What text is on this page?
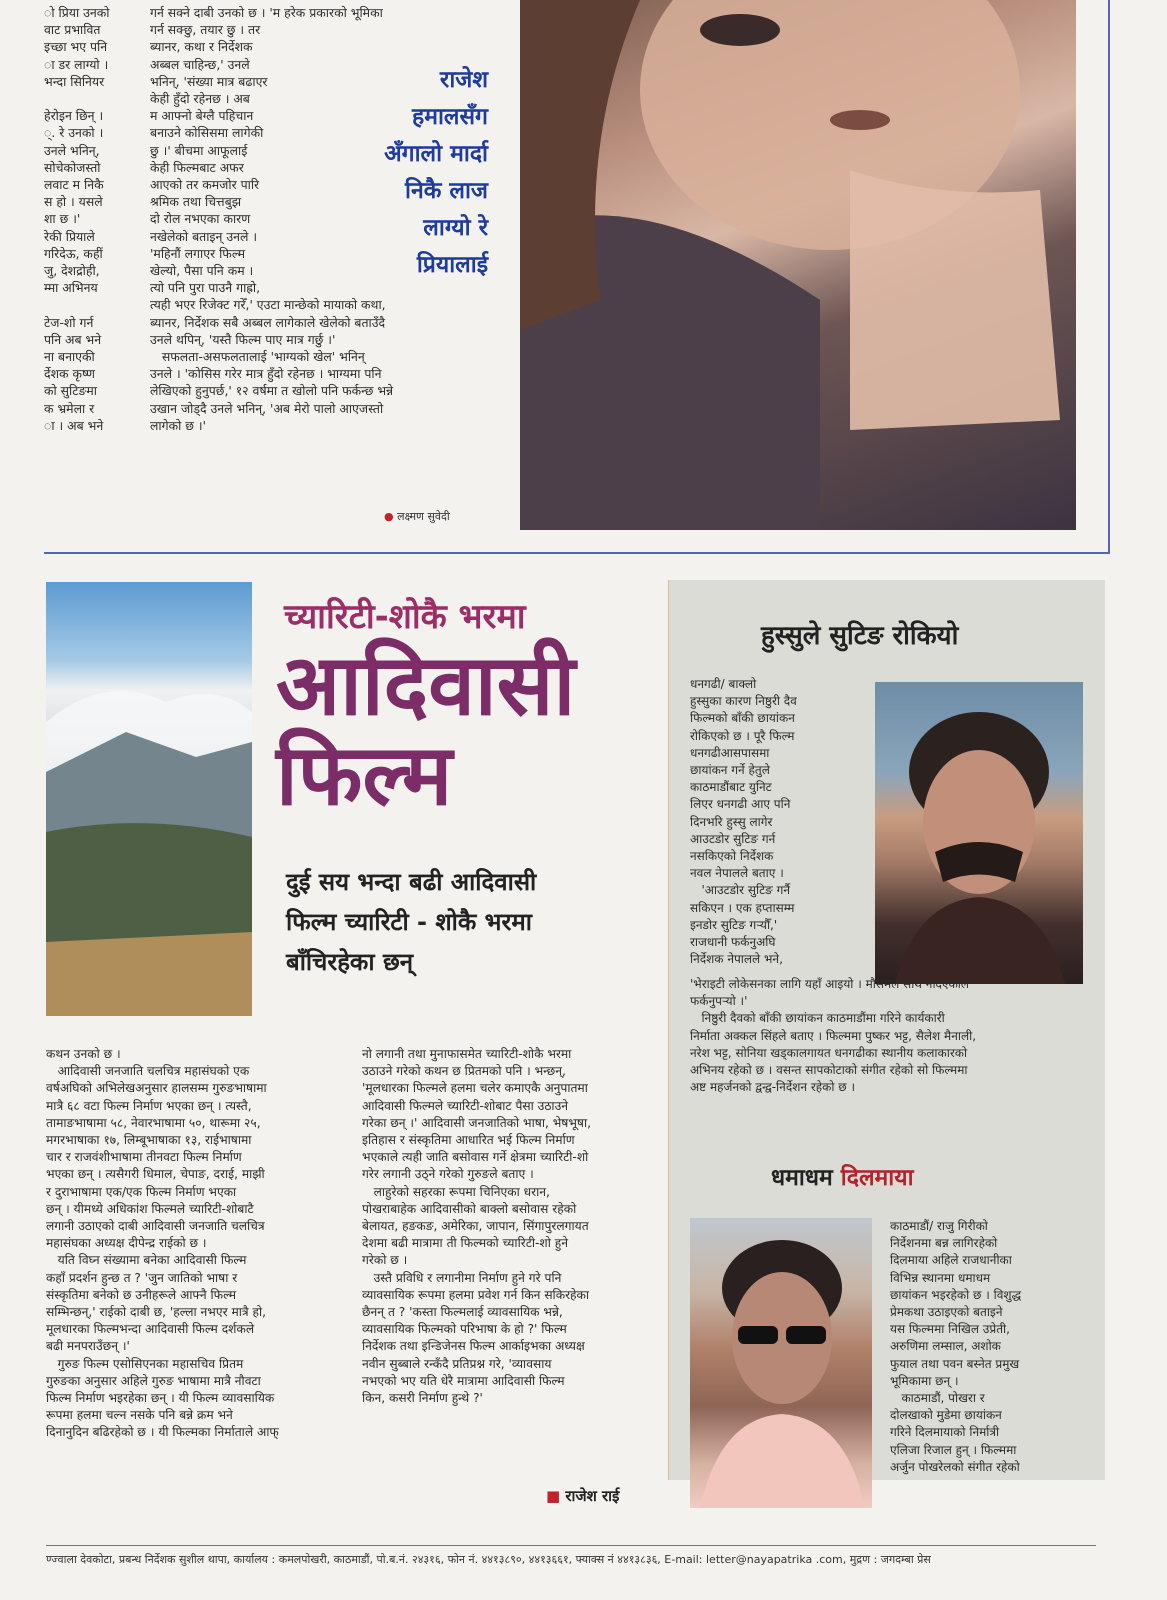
ो प्रिया उनको
वाट प्रभावित
इच्छा भए पनि
ा डर लाग्यो ।
भन्दा सिनियर

हेरोइन छिन् ।
्. रे उनको ।
उनले भनिन्,
सोचेकोजस्तो
लवाट म निकै
स हो । यसले
शा छ ।'
रेकी प्रियाले
गरिदेऊ, कहीं
जु, देशद्रोही,
म्मा अभिनय

टेज-शो गर्न
पनि अब भने
ना बनाएकी
र्देशक कृष्ण
को सुटिङमा
क भ्रमेला र
ा । अब भने
गर्न सक्ने दाबी उनको छ । 'म हरेक प्रकारको भूमिका
गर्न सक्छु, तयार छु । तर
ब्यानर, कथा र निर्देशक
अब्बल चाहिन्छ,' उनले
भनिन्, 'संख्या मात्र बढाएर
केही हुँदो रहेनछ । अब
म आफ्नो बेग्लै पहिचान
बनाउने कोसिसमा लागेकी
छु ।' बीचमा आफूलाई
केही फिल्मबाट अफर
आएको तर कमजोर पारि
श्रमिक तथा चित्तबुझ
दो रोल नभएका कारण
नखेलेको बताइन् उनले ।
'महिनौं लगाएर फिल्म
खेल्यो, पैसा पनि कम ।
त्यो पनि पुरा पाउनै गाह्रो,
त्यही भएर रिजेक्ट गरेँ,' एउटा मान्छेको मायाको कथा,
ब्यानर, निर्देशक सबै अब्बल लागेकाले खेलेको बताउँदै
उनले थपिन्, 'यस्तै फिल्म पाए मात्र गर्छु ।'
सफलता-असफलतालाई 'भाग्यको खेल' भनिन्
उनले । 'कोसिस गरेर मात्र हुँदो रहेनछ । भाग्यमा पनि
लेखिएको हुनुपर्छ,' १२ वर्षमा त खोलो पनि फर्कन्छ भन्ने
उखान जोड्दै उनले भनिन्, 'अब मेरो पालो आएजस्तो
लागेको छ ।'
राजेश
हमालसँग
अँगालो मार्दा
निकै लाज
लाग्यो रे
प्रियालाई
● लक्ष्मण सुवेदी
च्यारिटी-शोकै भरमा
आदिवासी
फिल्म
दुई सय भन्दा बढी आदिवासी
फिल्म च्यारिटी - शोकै भरमा
बाँचिरहेका छन्
कथन उनको छ ।
आदिवासी जनजाति चलचित्र महासंघको एक
वर्षअघिको अभिलेखअनुसार हालसम्म गुरुङभाषामा
मात्रै ६८ वटा फिल्म निर्माण भएका छन् । त्यस्तै,
तामाङभाषामा ५८, नेवारभाषामा ५०, थारूमा २५,
मगरभाषाका १७, लिम्बूभाषाका १३, राईभाषामा
चार र राजवंशीभाषामा तीनवटा फिल्म निर्माण
भएका छन् । त्यसैगरी धिमाल, चेपाङ, दराई, माझी
र दुराभाषामा एक/एक फिल्म निर्माण भएका
छन् । यीमध्ये अधिकांश फिल्मले च्यारिटी-शोबाटै
लगानी उठाएको दाबी आदिवासी जनजाति चलचित्र
महासंघका अध्यक्ष दीपेन्द्र राईको छ ।
यति विघ्न संख्यामा बनेका आदिवासी फिल्म
कहाँ प्रदर्शन हुन्छ त ? 'जुन जातिको भाषा र
संस्कृतिमा बनेको छ उनीहरूले आफ्नै फिल्म
सम्भिन्छन्,' राईको दाबी छ, 'हल्ला नभएर मात्रै हो,
मूलधारका फिल्मभन्दा आदिवासी फिल्म दर्शकले
बढी मनपराउँछन् ।'
गुरुङ फिल्म एसोसिएनका महासचिव प्रितम
गुरुङका अनुसार अहिले गुरुङ भाषामा मात्रै नौवटा
फिल्म निर्माण भइरहेका छन् । यी फिल्म व्यावसायिक
रूपमा हलमा चल्न नसके पनि बन्ने क्रम भने
दिनानुदिन बढिरहेको छ । यी फिल्मका निर्माताले आफ्
नो लगानी तथा मुनाफासमेत च्यारिटी-शोकै भरमा
उठाउने गरेको कथन छ प्रितमको पनि । भन्छन्,
'मूलधारका फिल्मले हलमा चलेर कमाएकै अनुपातमा
आदिवासी फिल्मले च्यारिटी-शोबाट पैसा उठाउने
गरेका छन् ।' आदिवासी जनजातिको भाषा, भेषभूषा,
इतिहास र संस्कृतिमा आधारित भई फिल्म निर्माण
भएकाले त्यही जाति बसोवास गर्ने क्षेत्रमा च्यारिटी-शो
गरेर लगानी उठ्ने गरेको गुरुङले बताए ।
लाहुरेको सहरका रूपमा चिनिएका धरान,
पोखराबाहेक आदिवासीको बाक्लो बसोवास रहेको
बेलायत, हङकङ, अमेरिका, जापान, सिंगापुरलगायत
देशमा बढी मात्रामा ती फिल्मको च्यारिटी-शो हुने
गरेको छ ।
उस्तै प्रविधि र लगानीमा निर्माण हुने गरे पनि
व्यावसायिक रूपमा हलमा प्रवेश गर्न किन सकिरहेका
छैनन् त ? 'कस्ता फिल्मलाई व्यावसायिक भन्ने,
व्यावसायिक फिल्मको परिभाषा के हो ?' फिल्म
निर्देशक तथा इन्डिजेनस फिल्म आर्काइभका अध्यक्ष
नवीन सुब्बाले रन्कँदै प्रतिप्रश्न गरे, 'व्यावसाय
नभएको भए यति धेरै मात्रामा आदिवासी फिल्म
किन, कसरी निर्माण हुन्थे ?'
■ राजेश राई
हुस्सुले सुटिङ रोकियो
धनगढी/ बाक्लो
हुस्सुका कारण निष्ठुरी दैव
फिल्मको बाँकी छायांकन
रोकिएको छ । पूरै फिल्म
धनगढीआसपासमा
छायांकन गर्ने हेतुले
काठमाडौंबाट युनिट
लिएर धनगढी आए पनि
दिनभरि हुस्सु लागेर
आउटडोर सुटिङ गर्न
नसकिएको निर्देशक
नवल नेपालले बताए ।
'आउटडोर सुटिङ गर्नै
सकिएन । एक हप्तासम्म
इनडोर सुटिङ गर्‍यौँ,'
राजधानी फर्कनुअघि
निर्देशक नेपालले भने,
'भेराइटी लोकेसनका लागि यहाँ आइयो । मौसमले साथ नदिएकाले
फर्कनुपर्‍यो ।'
निष्ठुरी दैवको बाँकी छायांकन काठमाडौंमा गरिने कार्यकारी
निर्माता अक्कल सिंहले बताए । फिल्ममा पुष्कर भट्ट, सैलेश मैनाली,
नरेश भट्ट, सोनिया खड्कालगायत धनगढीका स्थानीय कलाकारको
अभिनय रहेको छ । वसन्त सापकोटाको संगीत रहेको सो फिल्ममा
अष्ट महर्जनको द्वन्द्व-निर्देशन रहेको छ ।
धमाधम दिलमाया
काठमाडौं/ राजु गिरीको
निर्देशनमा बन्न लागिरहेको
दिलमाया अहिले राजधानीका
विभिन्न स्थानमा धमाधम
छायांकन भइरहेको छ । विशुद्ध
प्रेमकथा उठाइएको बताइने
यस फिल्ममा निखिल उप्रेती,
अरुणिमा लम्साल, अशोक
फुयाल तथा पवन बस्नेत प्रमुख
भूमिकामा छन् ।
काठमाडौं, पोखरा र
दोलखाको मुडेमा छायांकन
गरिने दिलमायाको निर्मात्री
एलिजा रिजाल हुन् । फिल्ममा
अर्जुन पोखरेलको संगीत रहेको
ण्ज्वाला देवकोटा, प्रबन्ध निर्देशक सुशील थापा, कार्यालय : कमलपोखरी, काठमाडौं, पो.ब.नं. २४३१६, फोन नं. ४४१३८९०, ४४१३६६१, फ्याक्स नं ४४१३८३६, E-mail: letter@nayapatrika .com, मुद्रण : जगदम्बा प्रेस
